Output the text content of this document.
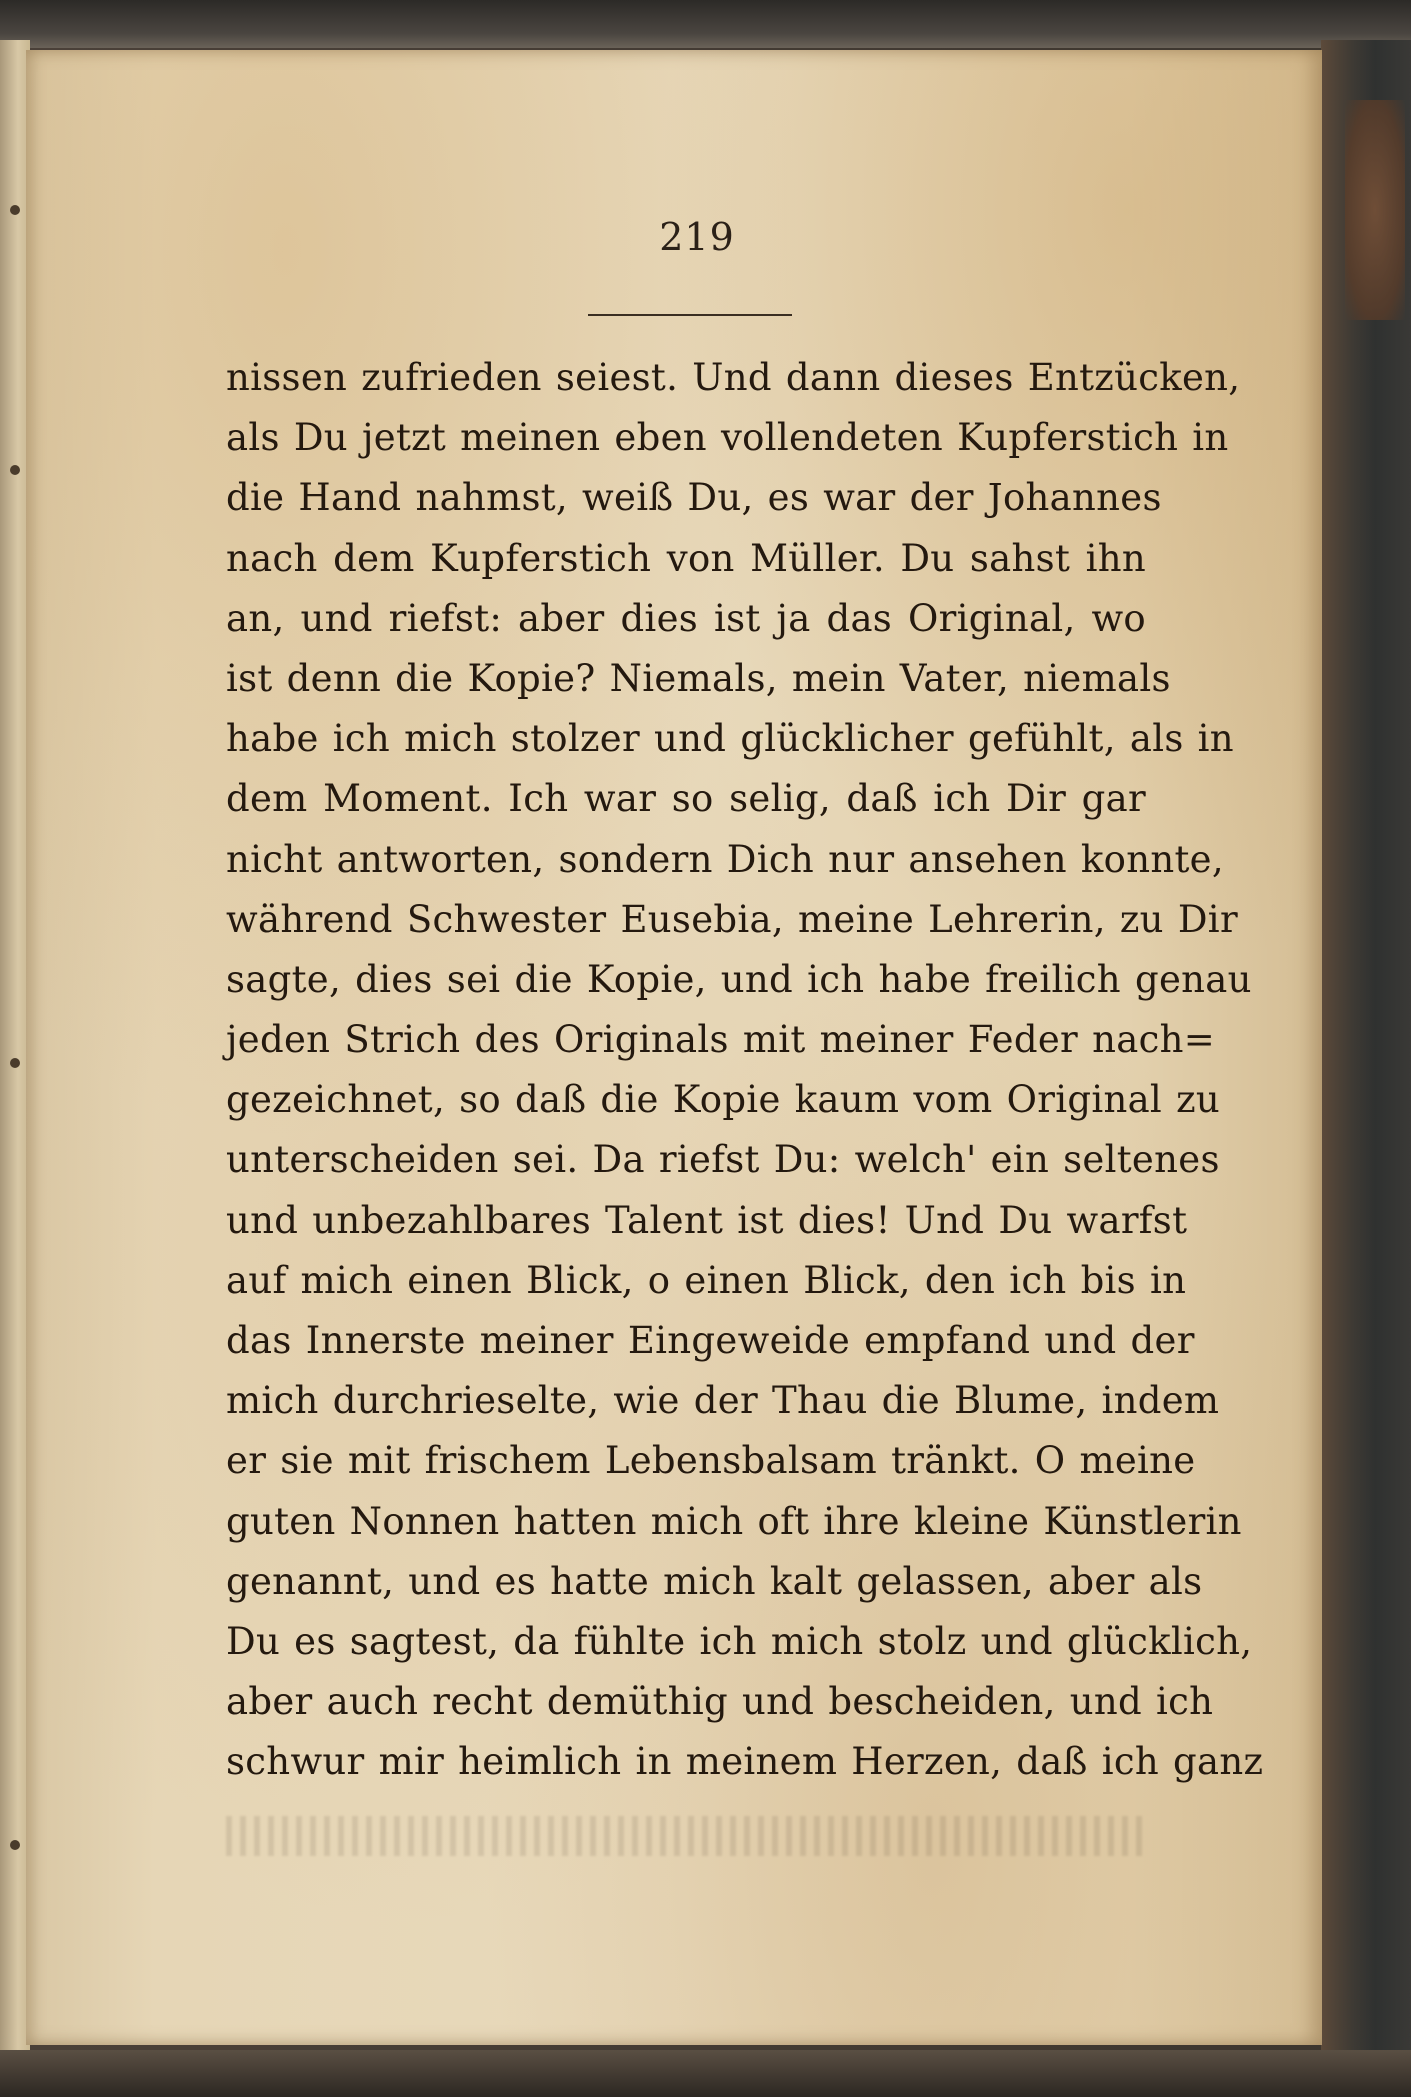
219
nissen zufrieden seiest. Und dann dieses Entzücken,
als Du jetzt meinen eben vollendeten Kupferstich in
die Hand nahmst, weiß Du, es war der Johannes
nach dem Kupferstich von Müller. Du sahst ihn
an, und riefst: aber dies ist ja das Original, wo
ist denn die Kopie? Niemals, mein Vater, niemals
habe ich mich stolzer und glücklicher gefühlt, als in
dem Moment. Ich war so selig, daß ich Dir gar
nicht antworten, sondern Dich nur ansehen konnte,
während Schwester Eusebia, meine Lehrerin, zu Dir
sagte, dies sei die Kopie, und ich habe freilich genau
jeden Strich des Originals mit meiner Feder nach=
gezeichnet, so daß die Kopie kaum vom Original zu
unterscheiden sei. Da riefst Du: welch' ein seltenes
und unbezahlbares Talent ist dies! Und Du warfst
auf mich einen Blick, o einen Blick, den ich bis in
das Innerste meiner Eingeweide empfand und der
mich durchrieselte, wie der Thau die Blume, indem
er sie mit frischem Lebensbalsam tränkt. O meine
guten Nonnen hatten mich oft ihre kleine Künstlerin
genannt, und es hatte mich kalt gelassen, aber als
Du es sagtest, da fühlte ich mich stolz und glücklich,
aber auch recht demüthig und bescheiden, und ich
schwur mir heimlich in meinem Herzen, daß ich ganz
